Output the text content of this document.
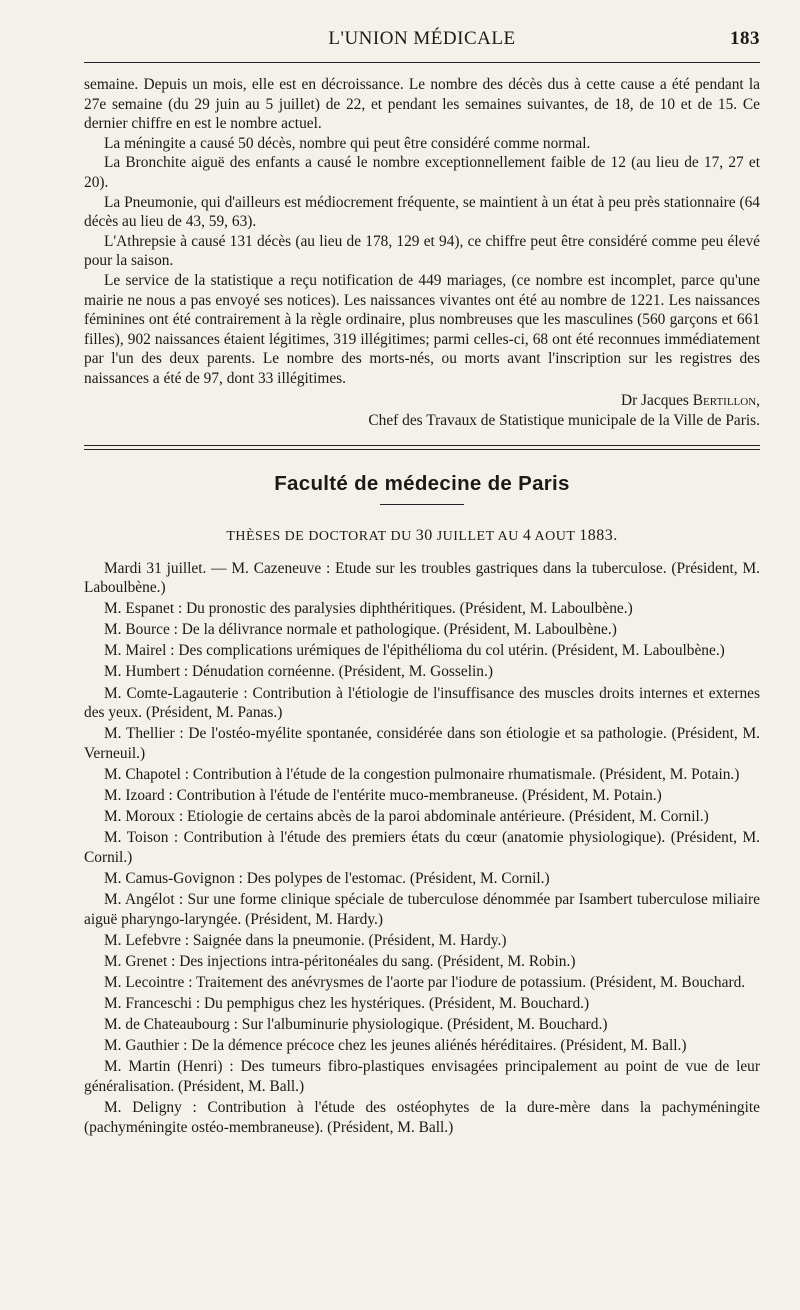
L'UNION MÉDICALE	183

semaine. Depuis un mois, elle est en décroissance. Le nombre des décès dus à cette cause a été pendant la 27e semaine (du 29 juin au 5 juillet) de 22, et pendant les semaines suivantes, de 18, de 10 et de 15. Ce dernier chiffre en est le nombre actuel.

La méningite a causé 50 décès, nombre qui peut être considéré comme normal.

La Bronchite aiguë des enfants a causé le nombre exceptionnellement faible de 12 (au lieu de 17, 27 et 20).

La Pneumonie, qui d'ailleurs est médiocrement fréquente, se maintient à un état à peu près stationnaire (64 décès au lieu de 43, 59, 63).

L'Athrepsie à causé 131 décès (au lieu de 178, 129 et 94), ce chiffre peut être considéré comme peu élevé pour la saison.

Le service de la statistique a reçu notification de 449 mariages, (ce nombre est incomplet, parce qu'une mairie ne nous a pas envoyé ses notices). Les naissances vivantes ont été au nombre de 1221. Les naissances féminines ont été contrairement à la règle ordinaire, plus nombreuses que les masculines (560 garçons et 661 filles), 902 naissances étaient légitimes, 319 illégitimes; parmi celles-ci, 68 ont été reconnues immédiatement par l'un des deux parents. Le nombre des morts-nés, ou morts avant l'inscription sur les registres des naissances a été de 97, dont 33 illégitimes.

Dr Jacques Bertillon,
Chef des Travaux de Statistique municipale de la Ville de Paris.
Faculté de médecine de Paris
THÈSES DE DOCTORAT DU 30 JUILLET AU 4 AOUT 1883.

Mardi 31 juillet. — M. Cazeneuve : Etude sur les troubles gastriques dans la tuberculose. (Président, M. Laboulbène.)

M. Espanet : Du pronostic des paralysies diphthéritiques. (Président, M. Laboulbène.)

M. Bource : De la délivrance normale et pathologique. (Président, M. Laboulbène.)

M. Mairel : Des complications urémiques de l'épithélioma du col utérin. (Président, M. Laboulbène.)

M. Humbert : Dénudation cornéenne. (Président, M. Gosselin.)

M. Comte-Lagauterie : Contribution à l'étiologie de l'insuffisance des muscles droits internes et externes des yeux. (Président, M. Panas.)

M. Thellier : De l'ostéo-myélite spontanée, considérée dans son étiologie et sa pathologie. (Président, M. Verneuil.)

M. Chapotel : Contribution à l'étude de la congestion pulmonaire rhumatismale. (Président, M. Potain.)

M. Izoard : Contribution à l'étude de l'entérite muco-membraneuse. (Président, M. Potain.)

M. Moroux : Etiologie de certains abcès de la paroi abdominale antérieure. (Président, M. Cornil.)

M. Toison : Contribution à l'étude des premiers états du cœur (anatomie physiologique). (Président, M. Cornil.)

M. Camus-Govignon : Des polypes de l'estomac. (Président, M. Cornil.)

M. Angélot : Sur une forme clinique spéciale de tuberculose dénommée par Isambert tuberculose miliaire aiguë pharyngo-laryngée. (Président, M. Hardy.)

M. Lefebvre : Saignée dans la pneumonie. (Président, M. Hardy.)

M. Grenet : Des injections intra-péritonéales du sang. (Président, M. Robin.)

M. Lecointre : Traitement des anévrysmes de l'aorte par l'iodure de potassium. (Président, M. Bouchard.

M. Franceschi : Du pemphigus chez les hystériques. (Président, M. Bouchard.)

M. de Chateaubourg : Sur l'albuminurie physiologique. (Président, M. Bouchard.)

M. Gauthier : De la démence précoce chez les jeunes aliénés héréditaires. (Président, M. Ball.)

M. Martin (Henri) : Des tumeurs fibro-plastiques envisagées principalement au point de vue de leur généralisation. (Président, M. Ball.)

M. Deligny : Contribution à l'étude des ostéophytes de la dure-mère dans la pachyméningite (pachyméningite ostéo-membraneuse). (Président, M. Ball.)
